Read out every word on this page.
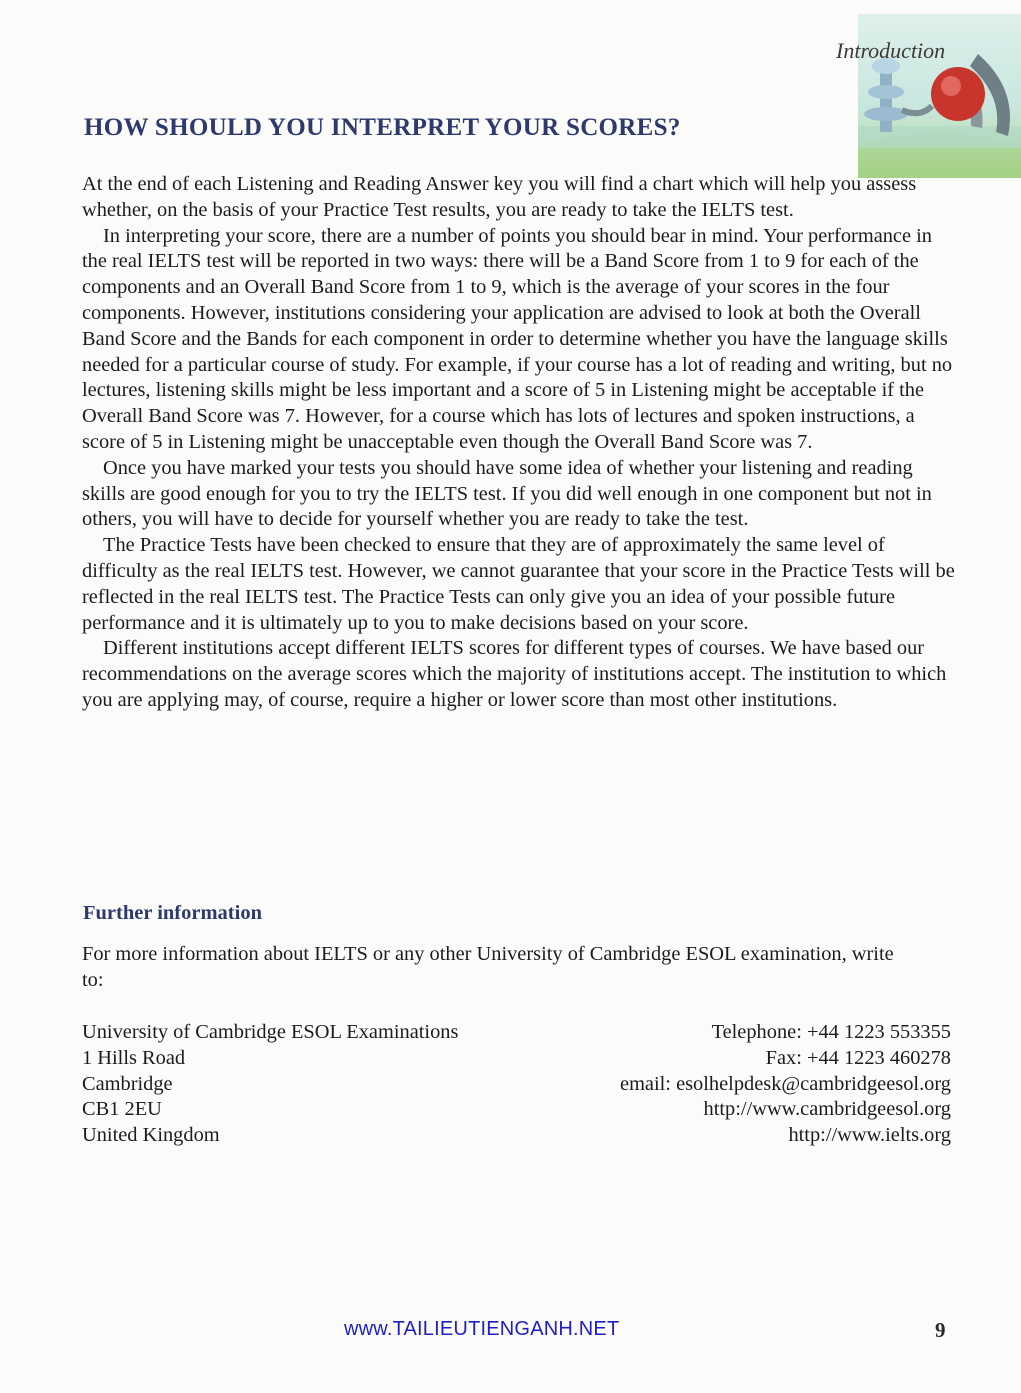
Introduction
HOW SHOULD YOU INTERPRET YOUR SCORES?

At the end of each Listening and Reading Answer key you will find a chart which will help you assess whether, on the basis of your Practice Test results, you are ready to take the IELTS test.

In interpreting your score, there are a number of points you should bear in mind. Your performance in the real IELTS test will be reported in two ways: there will be a Band Score from 1 to 9 for each of the components and an Overall Band Score from 1 to 9, which is the average of your scores in the four components. However, institutions considering your application are advised to look at both the Overall Band Score and the Bands for each component in order to determine whether you have the language skills needed for a particular course of study. For example, if your course has a lot of reading and writing, but no lectures, listening skills might be less important and a score of 5 in Listening might be acceptable if the Overall Band Score was 7. However, for a course which has lots of lectures and spoken instructions, a score of 5 in Listening might be unacceptable even though the Overall Band Score was 7.

Once you have marked your tests you should have some idea of whether your listening and reading skills are good enough for you to try the IELTS test. If you did well enough in one component but not in others, you will have to decide for yourself whether you are ready to take the test.

The Practice Tests have been checked to ensure that they are of approximately the same level of difficulty as the real IELTS test. However, we cannot guarantee that your score in the Practice Tests will be reflected in the real IELTS test. The Practice Tests can only give you an idea of your possible future performance and it is ultimately up to you to make decisions based on your score.

Different institutions accept different IELTS scores for different types of courses. We have based our recommendations on the average scores which the majority of institutions accept. The institution to which you are applying may, of course, require a higher or lower score than most other institutions.

Further information

For more information about IELTS or any other University of Cambridge ESOL examination, write to:

University of Cambridge ESOL Examinations
1 Hills Road
Cambridge
CB1 2EU
United Kingdom
Telephone: +44 1223 553355
Fax: +44 1223 460278
email: esolhelpdesk@cambridgeesol.org
http://www.cambridgeesol.org
http://www.ielts.org
www.TAILIEUTIENGANH.NET	9
